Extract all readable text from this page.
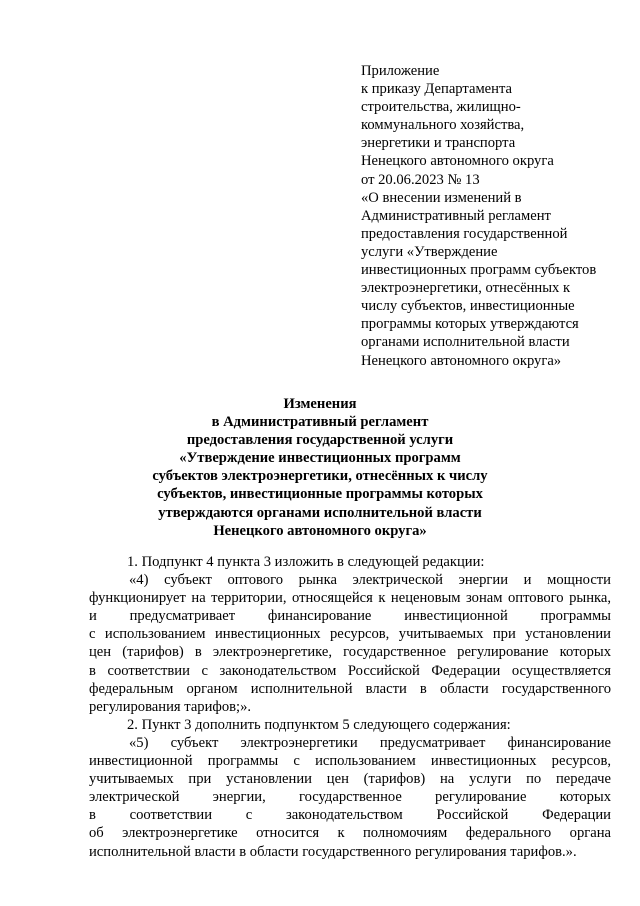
Приложение
к приказу Департамента
строительства, жилищно-
коммунального хозяйства,
энергетики и транспорта
Ненецкого автономного округа
от 20.06.2023 № 13
«О внесении изменений в
Административный регламент
предоставления государственной
услуги «Утверждение
инвестиционных программ субъектов
электроэнергетики, отнесённых к
числу субъектов, инвестиционные
программы которых утверждаются
органами исполнительной власти
Ненецкого автономного округа»
Изменения
в Административный регламент
предоставления государственной услуги
«Утверждение инвестиционных программ
субъектов электроэнергетики, отнесённых к числу
субъектов, инвестиционные программы которых
утверждаются органами исполнительной власти
Ненецкого автономного округа»
1. Подпункт 4 пункта 3 изложить в следующей редакции:
«4) субъект оптового рынка электрической энергии и мощности
функционирует на территории, относящейся к неценовым зонам оптового рынка,
и предусматривает финансирование инвестиционной программы
с использованием инвестиционных ресурсов, учитываемых при установлении
цен (тарифов) в электроэнергетике, государственное регулирование которых
в соответствии с законодательством Российской Федерации осуществляется
федеральным органом исполнительной власти в области государственного
регулирования тарифов;».
2. Пункт 3 дополнить подпунктом 5 следующего содержания:
«5) субъект электроэнергетики предусматривает финансирование
инвестиционной программы с использованием инвестиционных ресурсов,
учитываемых при установлении цен (тарифов) на услуги по передаче
электрической энергии, государственное регулирование которых
в соответствии с законодательством Российской Федерации
об электроэнергетике относится к полномочиям федерального органа
исполнительной власти в области государственного регулирования тарифов.».
